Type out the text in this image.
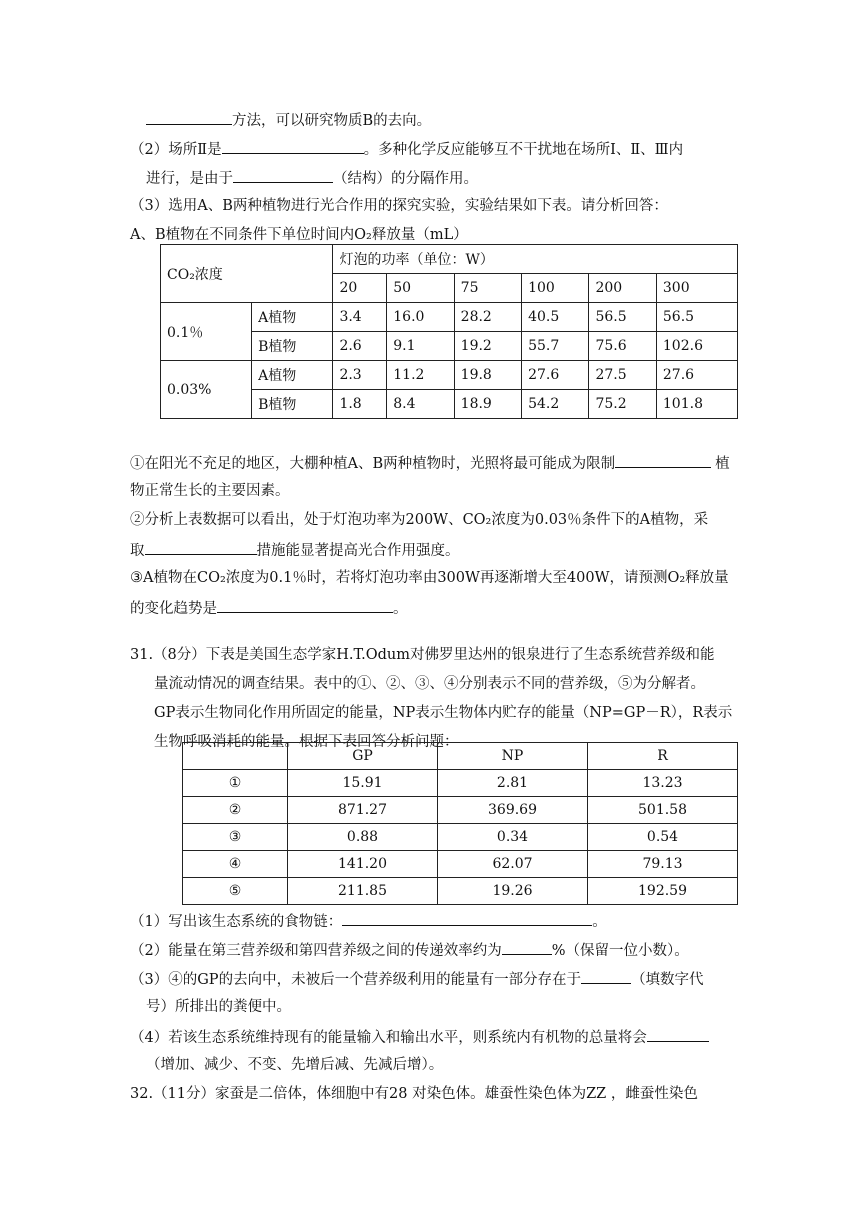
方法，可以研究物质B的去向。
（2）场所Ⅱ是	。多种化学反应能够互不干扰地在场所Ⅰ、Ⅱ、Ⅲ内
进行，是由于	（结构）的分隔作用。
（3）选用A、B两种植物进行光合作用的探究实验，实验结果如下表。请分析回答：
A、B植物在不同条件下单位时间内O₂释放量（mL）
CO₂浓度		灯泡的功率（单位：W）					
		20	50	75	100	200	300
0.1％	A植物	3.4	16.0	28.2	40.5	56.5	56.5
	B植物	2.6	9.1	19.2	55.7	75.6	102.6
0.03%	A植物	2.3	11.2	19.8	27.6	27.5	27.6
	B植物	1.8	8.4	18.9	54.2	75.2	101.8
①在阳光不充足的地区，大棚种植A、B两种植物时，光照将最可能成为限制	植
物正常生长的主要因素。
②分析上表数据可以看出，处于灯泡功率为200W、CO₂浓度为0.03％条件下的A植物，采
取	措施能显著提高光合作用强度。
③A植物在CO₂浓度为0.1％时，若将灯泡功率由300W再逐渐增大至400W，请预测O₂释放量
的变化趋势是	。
31.（8分）下表是美国生态学家H.T.Odum对佛罗里达州的银泉进行了生态系统营养级和能
量流动情况的调查结果。表中的①、②、③、④分别表示不同的营养级，⑤为分解者。
GP表示生物同化作用所固定的能量，NP表示生物体内贮存的能量（NP=GP－R），R表示
生物呼吸消耗的能量。根据下表回答分析问题：
	GP	NP	R
①	15.91	2.81	13.23
②	871.27	369.69	501.58
③	0.88	0.34	0.54
④	141.20	62.07	79.13
⑤	211.85	19.26	192.59
（1）写出该生态系统的食物链：	。
（2）能量在第三营养级和第四营养级之间的传递效率约为	%（保留一位小数）。
（3）④的GP的去向中，未被后一个营养级利用的能量有一部分存在于	（填数字代
号）所排出的粪便中。
（4）若该生态系统维持现有的能量输入和输出水平，则系统内有机物的总量将会
（增加、减少、不变、先增后减、先减后增）。
32.（11分）家蚕是二倍体，体细胞中有28 对染色体。雄蚕性染色体为ZZ ，雌蚕性染色
